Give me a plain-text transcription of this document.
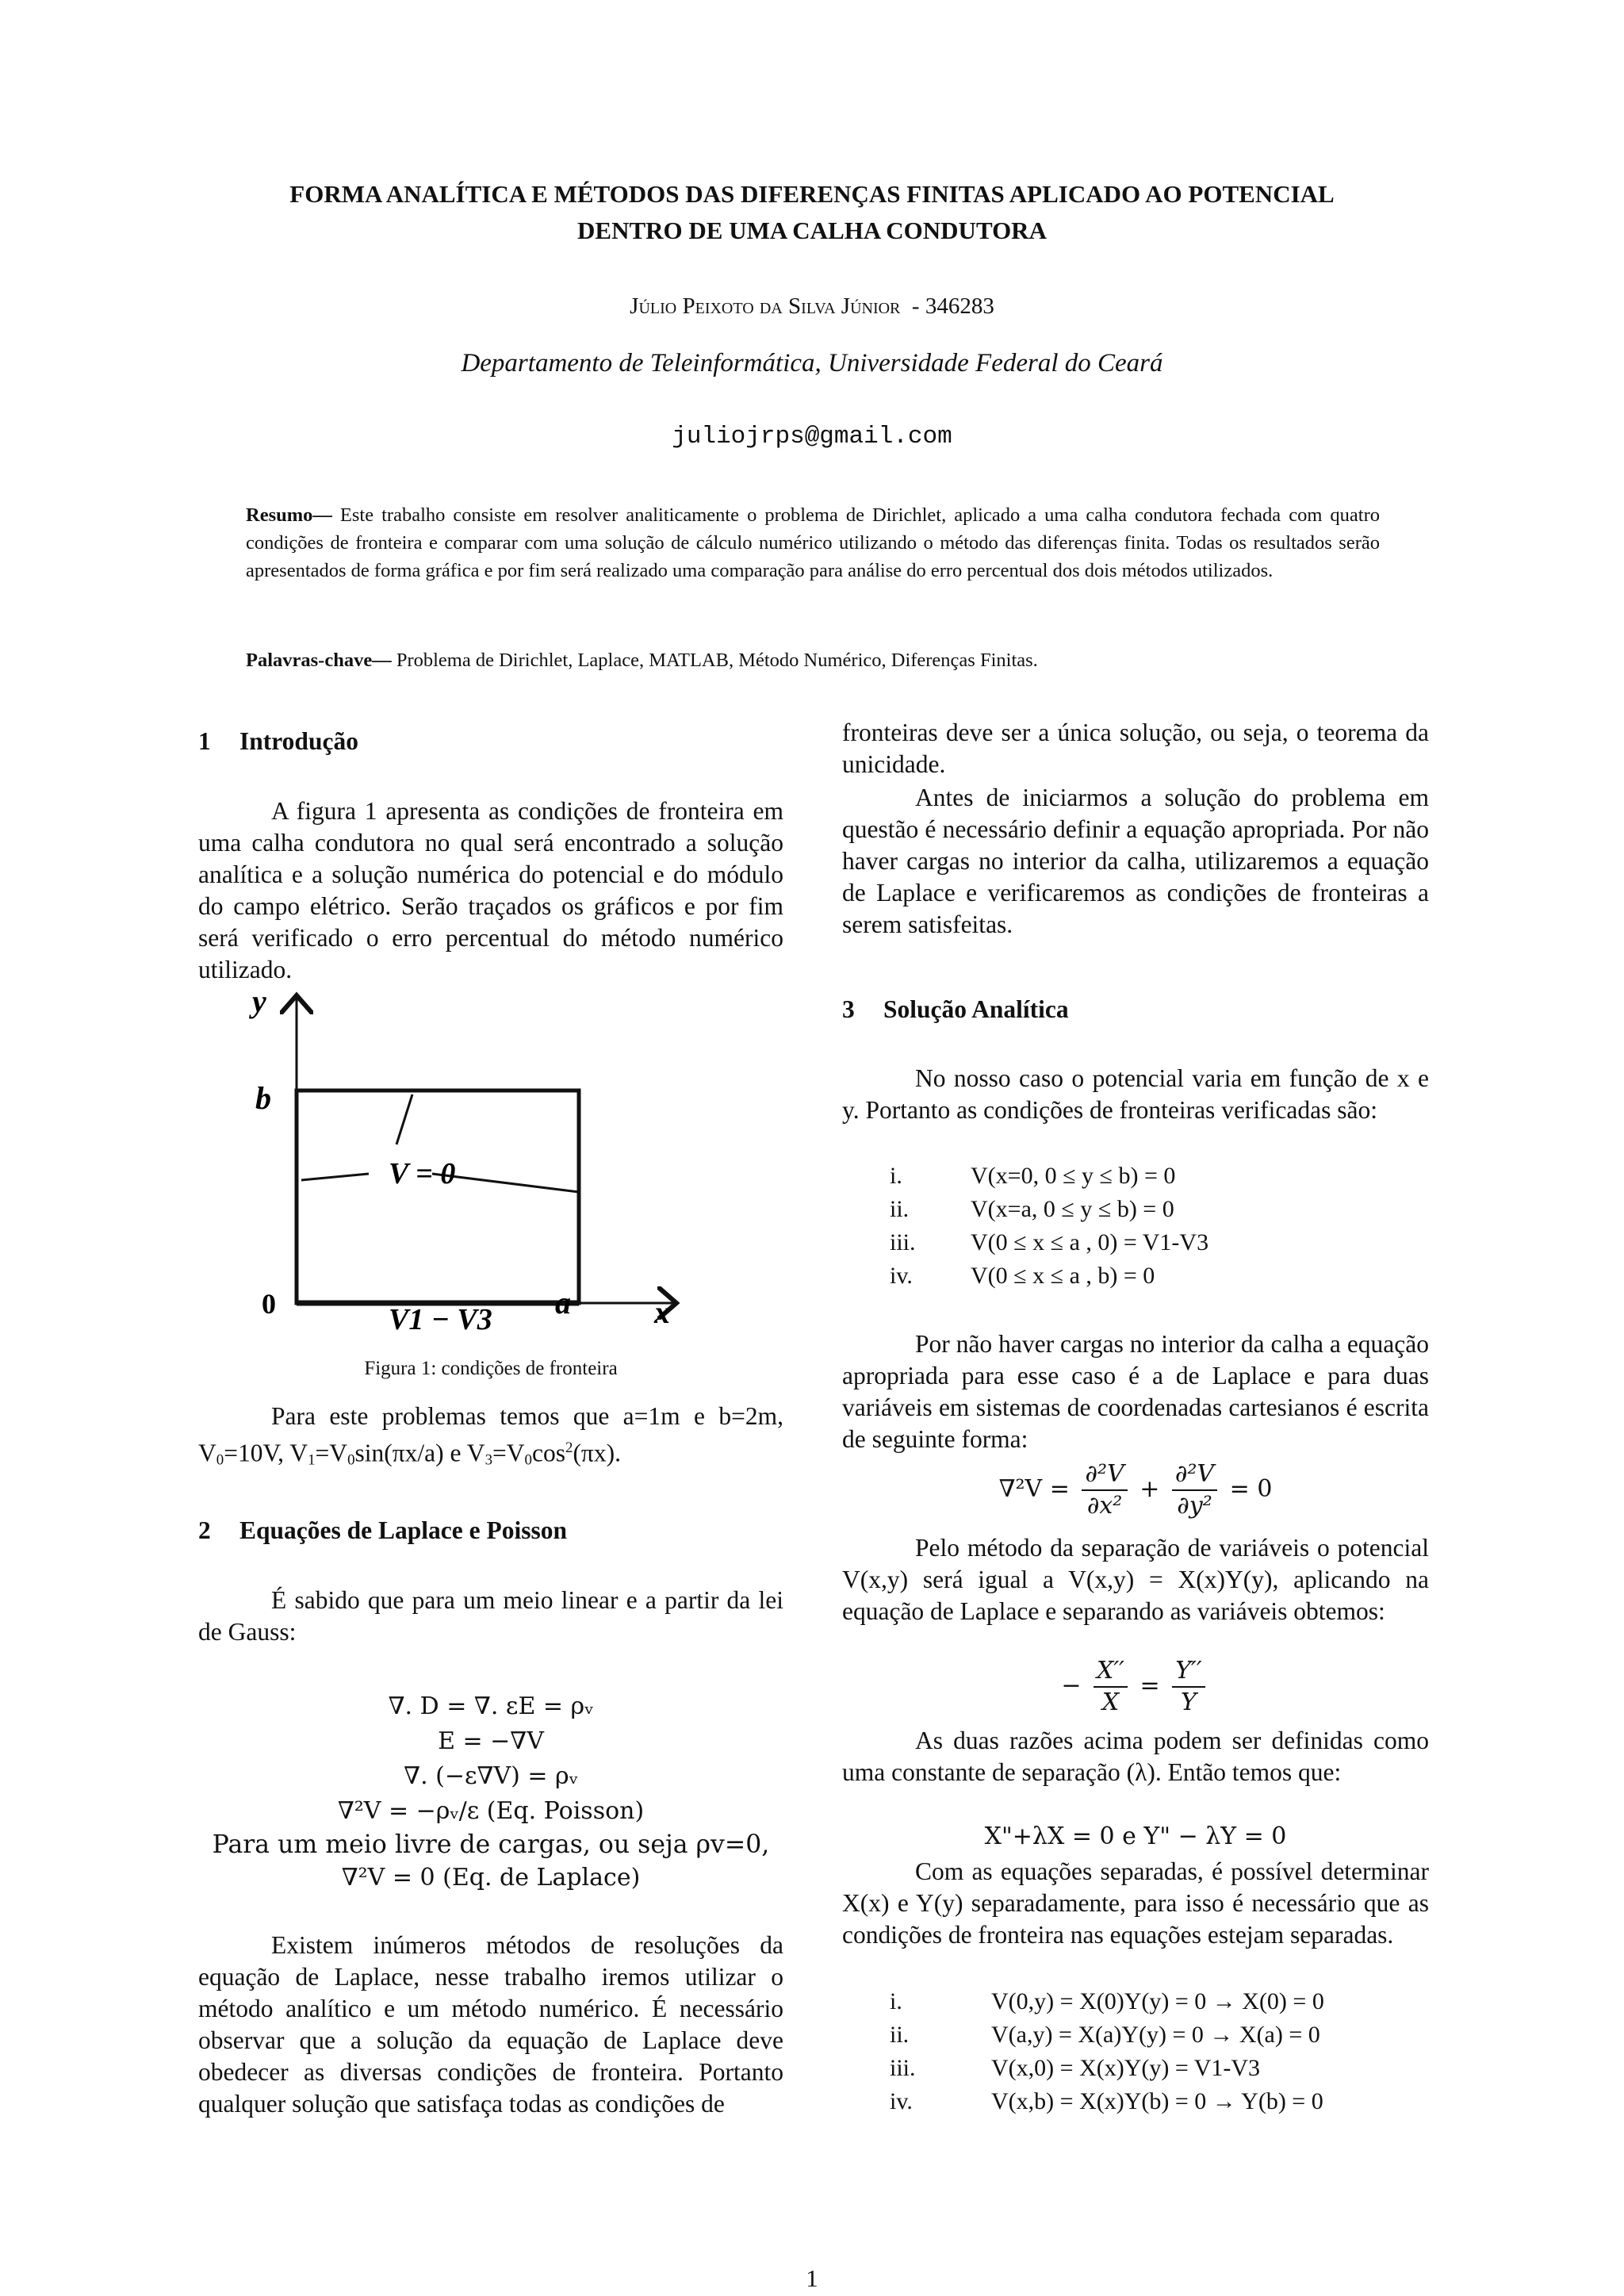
FORMA ANALÍTICA E MÉTODOS DAS DIFERENÇAS FINITAS APLICADO AO POTENCIAL
DENTRO DE UMA CALHA CONDUTORA
Júlio Peixoto da Silva Júnior - 346283
Departamento de Teleinformática, Universidade Federal do Ceará
juliojrps@gmail.com
Resumo— Este trabalho consiste em resolver analiticamente o problema de Dirichlet, aplicado a uma calha condutora fechada com quatro condições de fronteira e comparar com uma solução de cálculo numérico utilizando o método das diferenças finita. Todas os resultados serão apresentados de forma gráfica e por fim será realizado uma comparação para análise do erro percentual dos dois métodos utilizados.
Palavras-chave— Problema de Dirichlet, Laplace, MATLAB, Método Numérico, Diferenças Finitas.
1 Introdução
A figura 1 apresenta as condições de fronteira em uma calha condutora no qual será encontrado a solução analítica e a solução numérica do potencial e do módulo do campo elétrico. Serão traçados os gráficos e por fim será verificado o erro percentual do método numérico utilizado.
y
b
0	a	x
V = 0
V1 − V3
Figura 1: condições de fronteira
Para este problemas temos que a=1m e b=2m, $V_0=10V$, $V_1=V_0\sin(\pi x/a)$ e $V_3=V_0\cos^2(\pi x)$.
2 Equações de Laplace e Poisson
É sabido que para um meio linear e a partir da lei de Gauss:
∇. D = ∇. εE = ρᵥ
E = −∇V
∇. (−ε∇V) = ρᵥ
∇²V = −ρᵥ/ε (Eq. Poisson)
Para um meio livre de cargas, ou seja ρv=0,
∇²V = 0 (Eq. de Laplace)
Existem inúmeros métodos de resoluções da equação de Laplace, nesse trabalho iremos utilizar o método analítico e um método numérico. É necessário observar que a solução da equação de Laplace deve obedecer as diversas condições de fronteira. Portanto qualquer solução que satisfaça todas as condições de
fronteiras deve ser a única solução, ou seja, o teorema da unicidade.
Antes de iniciarmos a solução do problema em questão é necessário definir a equação apropriada. Por não haver cargas no interior da calha, utilizaremos a equação de Laplace e verificaremos as condições de fronteiras a serem satisfeitas.
3 Solução Analítica
No nosso caso o potencial varia em função de x e y. Portanto as condições de fronteiras verificadas são:
i.	V(x=0, 0 ≤ y ≤ b) = 0
ii.	V(x=a, 0 ≤ y ≤ b) = 0
iii.	V(0 ≤ x ≤ a , 0) = V1-V3
iv.	V(0 ≤ x ≤ a , b) = 0
Por não haver cargas no interior da calha a equação apropriada para esse caso é a de Laplace e para duas variáveis em sistemas de coordenadas cartesianos é escrita de seguinte forma:
$\nabla^2V = \frac{\text{∂²V}}{\text{∂x²}} + \frac{\text{∂²V}}{\text{∂y²}} = 0$
Pelo método da separação de variáveis o potencial V(x,y) será igual a V(x,y) = X(x)Y(y), aplicando na equação de Laplace e separando as variáveis obtemos:
− $\frac{X''}{X} = \frac{Y''}{Y}$
As duas razões acima podem ser definidas como uma constante de separação (λ). Então temos que:
X"+λX = 0 e Y" − λY = 0
Com as equações separadas, é possível determinar X(x) e Y(y) separadamente, para isso é necessário que as condições de fronteira nas equações estejam separadas.
i.	V(0,y) = X(0)Y(y) = 0 → X(0) = 0
ii.	V(a,y) = X(a)Y(y) = 0 → X(a) = 0
iii.	V(x,0) = X(x)Y(y) = V1-V3
iv.	V(x,b) = X(x)Y(b) = 0 → Y(b) = 0
1
